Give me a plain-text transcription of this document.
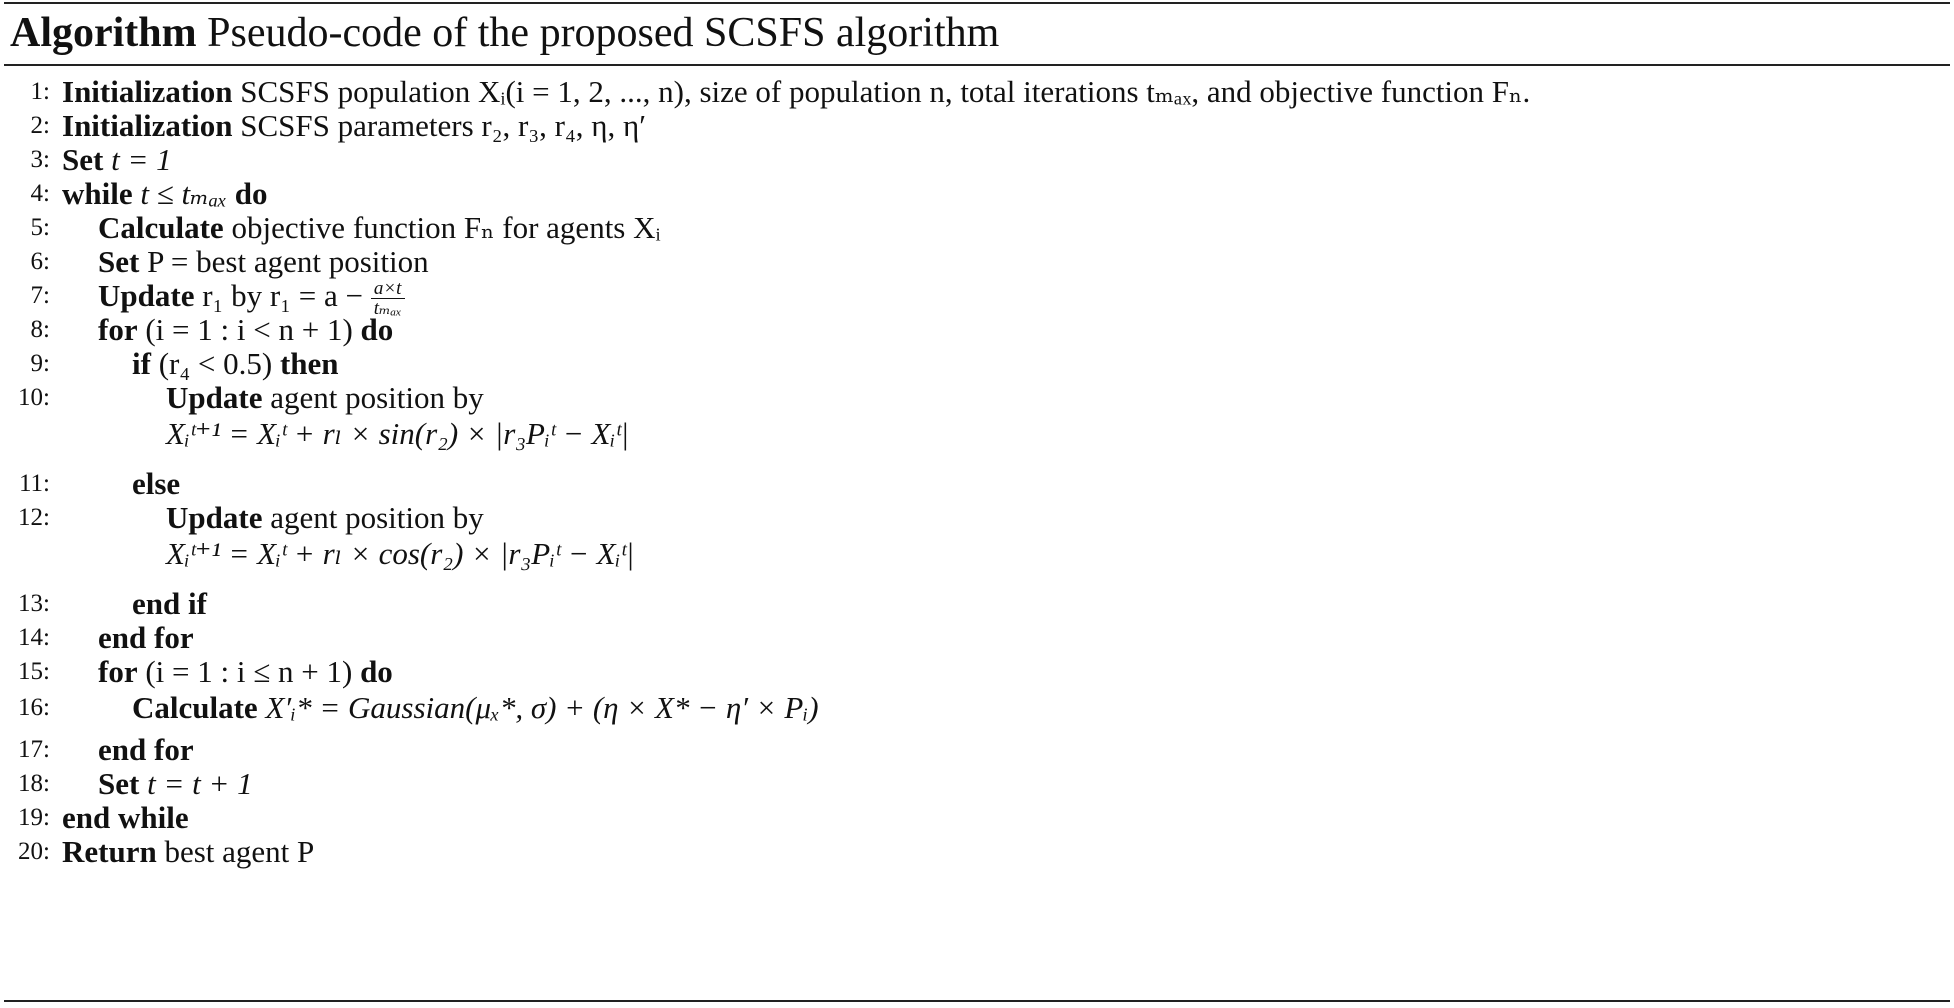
Algorithm Pseudo-code of the proposed SCSFS algorithm
1: Initialization SCSFS population Xᵢ(i = 1, 2, ..., n), size of population n, total iterations tₘₐₓ, and objective function Fₙ.
2: Initialization SCSFS parameters r₂, r₃, r₄, η, η′
3: Set t = 1
4: while t ≤ tₘₐₓ do
5: Calculate objective function Fₙ for agents Xᵢ
6: Set P = best agent position
7: Update r₁ by $r_1 = a - \frac{a\times t}{\text{tₘₐₓ}}$
8: for (i = 1 : i < n + 1) do
9:	if (r₄ < 0.5) then
10:	Update agent position by
Xᵢᵗ⁺¹ = Xᵢᵗ + rₗ × sin(r₂) × |r₃Pᵢᵗ − Xᵢᵗ|
11:	else
12:	Update agent position by
Xᵢᵗ⁺¹ = Xᵢᵗ + rₗ × cos(r₂) × |r₃Pᵢᵗ − Xᵢᵗ|
13:	end if
14: end for
15: for (i = 1 : i ≤ n + 1) do
16:	Calculate X′ᵢ* = Gaussian(μₓ*, σ) + (η × X* − η′ × Pᵢ)
17: end for
18: Set t = t + 1
19: end while
20: Return best agent P
